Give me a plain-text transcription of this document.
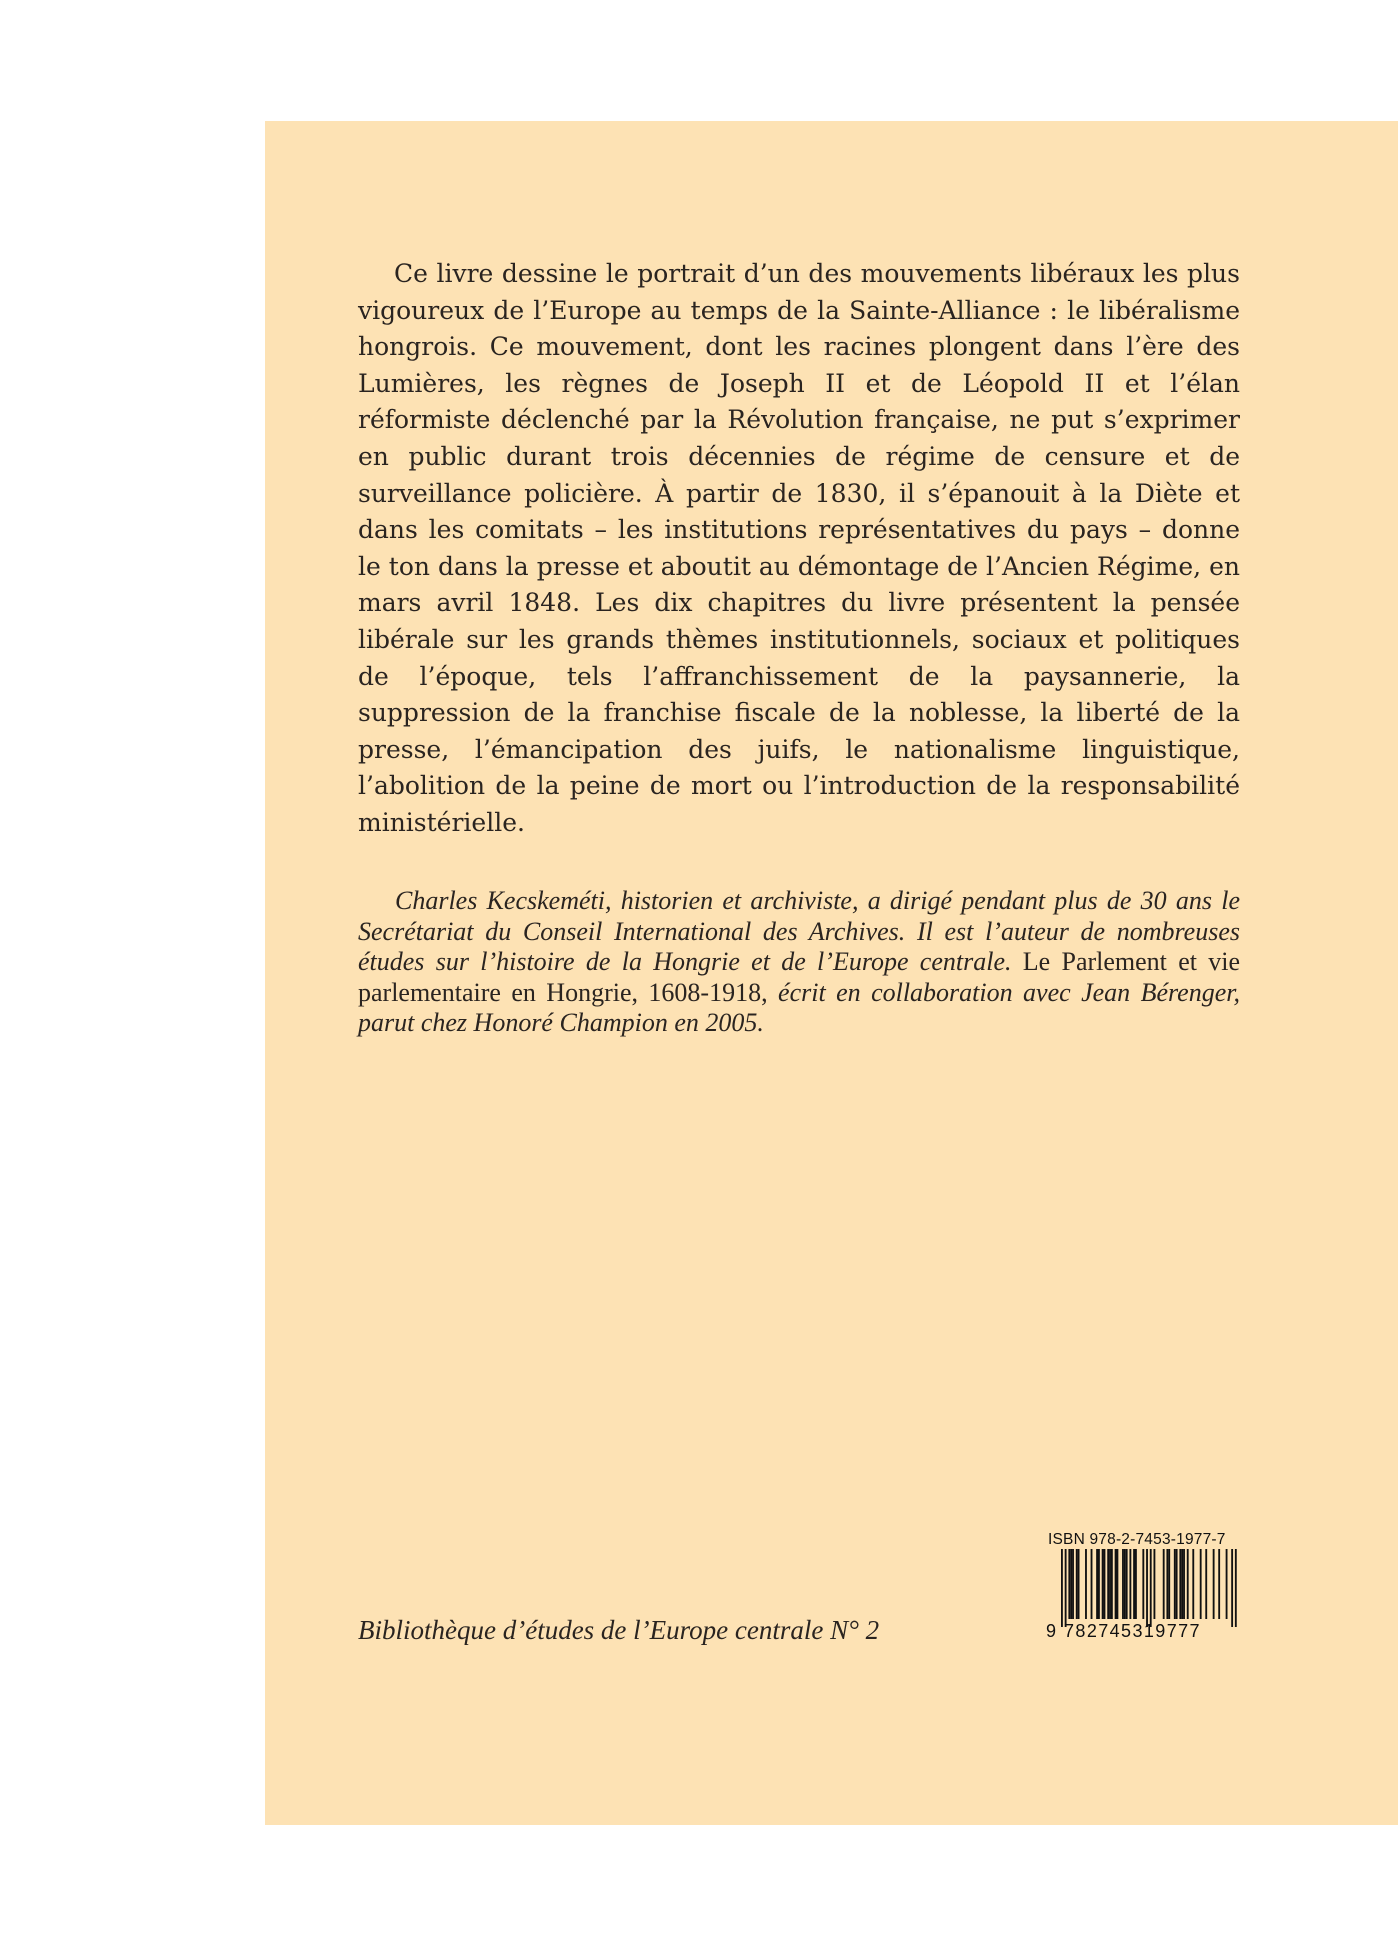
Ce livre dessine le portrait d’un des mouvements libéraux les plus vigoureux de l’Europe au temps de la Sainte-Alliance : le libéralisme hongrois. Ce mouvement, dont les racines plongent dans l’ère des Lumières, les règnes de Joseph II et de Léopold II et l’élan réformiste déclenché par la Révolution française, ne put s’exprimer en public durant trois décennies de régime de censure et de surveillance policière. À partir de 1830, il s’épanouit à la Diète et dans les comitats – les institutions représentatives du pays – donne le ton dans la presse et aboutit au démontage de l’Ancien Régime, en mars avril 1848. Les dix chapitres du livre présentent la pensée libérale sur les grands thèmes institutionnels, sociaux et politiques de l’époque, tels l’affranchissement de la paysannerie, la suppression de la franchise fiscale de la noblesse, la liberté de la presse, l’émancipation des juifs, le nationalisme linguistique, l’abolition de la peine de mort ou l’introduction de la responsabilité ministérielle.

Charles Kecskeméti, historien et archiviste, a dirigé pendant plus de 30 ans le Secrétariat du Conseil International des Archives. Il est l’auteur de nombreuses études sur l’histoire de la Hongrie et de l’Europe centrale. Le Parlement et vie parlementaire en Hongrie, 1608-1918, écrit en collaboration avec Jean Bérenger, parut chez Honoré Champion en 2005.

Bibliothèque d’études de l’Europe centrale N° 2
ISBN 978-2-7453-1977-7
9 782745319777
